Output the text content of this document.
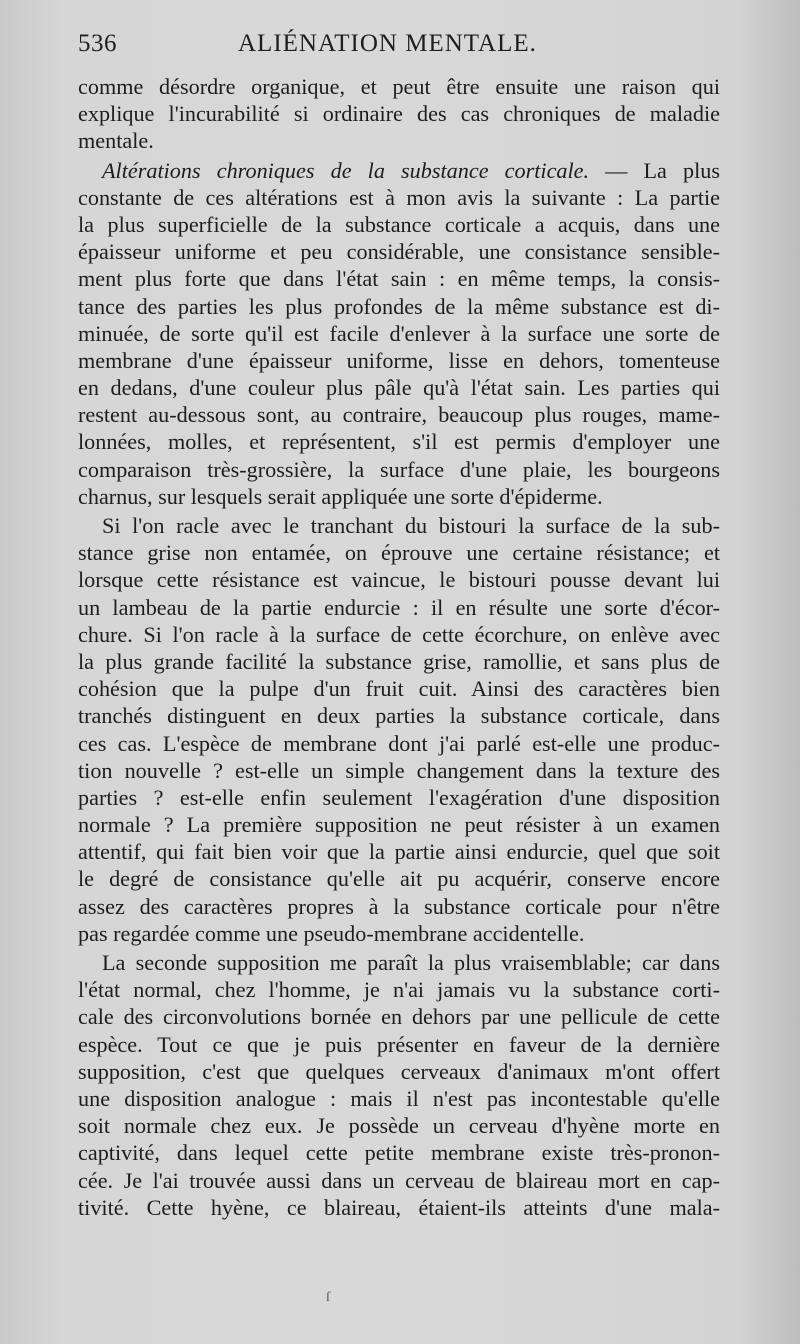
536	ALIÉNATION MENTALE.
comme désordre organique, et peut être ensuite une raison qui
explique l'incurabilité si ordinaire des cas chroniques de maladie
mentale.
Altérations chroniques de la substance corticale. — La plus
constante de ces altérations est à mon avis la suivante : La partie
la plus superficielle de la substance corticale a acquis, dans une
épaisseur uniforme et peu considérable, une consistance sensible-
ment plus forte que dans l'état sain : en même temps, la consis-
tance des parties les plus profondes de la même substance est di-
minuée, de sorte qu'il est facile d'enlever à la surface une sorte de
membrane d'une épaisseur uniforme, lisse en dehors, tomenteuse
en dedans, d'une couleur plus pâle qu'à l'état sain. Les parties qui
restent au-dessous sont, au contraire, beaucoup plus rouges, mame-
lonnées, molles, et représentent, s'il est permis d'employer une
comparaison très-grossière, la surface d'une plaie, les bourgeons
charnus, sur lesquels serait appliquée une sorte d'épiderme.
Si l'on racle avec le tranchant du bistouri la surface de la sub-
stance grise non entamée, on éprouve une certaine résistance; et
lorsque cette résistance est vaincue, le bistouri pousse devant lui
un lambeau de la partie endurcie : il en résulte une sorte d'écor-
chure. Si l'on racle à la surface de cette écorchure, on enlève avec
la plus grande facilité la substance grise, ramollie, et sans plus de
cohésion que la pulpe d'un fruit cuit. Ainsi des caractères bien
tranchés distinguent en deux parties la substance corticale, dans
ces cas. L'espèce de membrane dont j'ai parlé est-elle une produc-
tion nouvelle ? est-elle un simple changement dans la texture des
parties ? est-elle enfin seulement l'exagération d'une disposition
normale ? La première supposition ne peut résister à un examen
attentif, qui fait bien voir que la partie ainsi endurcie, quel que soit
le degré de consistance qu'elle ait pu acquérir, conserve encore
assez des caractères propres à la substance corticale pour n'être
pas regardée comme une pseudo-membrane accidentelle.
La seconde supposition me paraît la plus vraisemblable; car dans
l'état normal, chez l'homme, je n'ai jamais vu la substance corti-
cale des circonvolutions bornée en dehors par une pellicule de cette
espèce. Tout ce que je puis présenter en faveur de la dernière
supposition, c'est que quelques cerveaux d'animaux m'ont offert
une disposition analogue : mais il n'est pas incontestable qu'elle
soit normale chez eux. Je possède un cerveau d'hyène morte en
captivité, dans lequel cette petite membrane existe très-pronon-
cée. Je l'ai trouvée aussi dans un cerveau de blaireau mort en cap-
tivité. Cette hyène, ce blaireau, étaient-ils atteints d'une mala-
ſ
